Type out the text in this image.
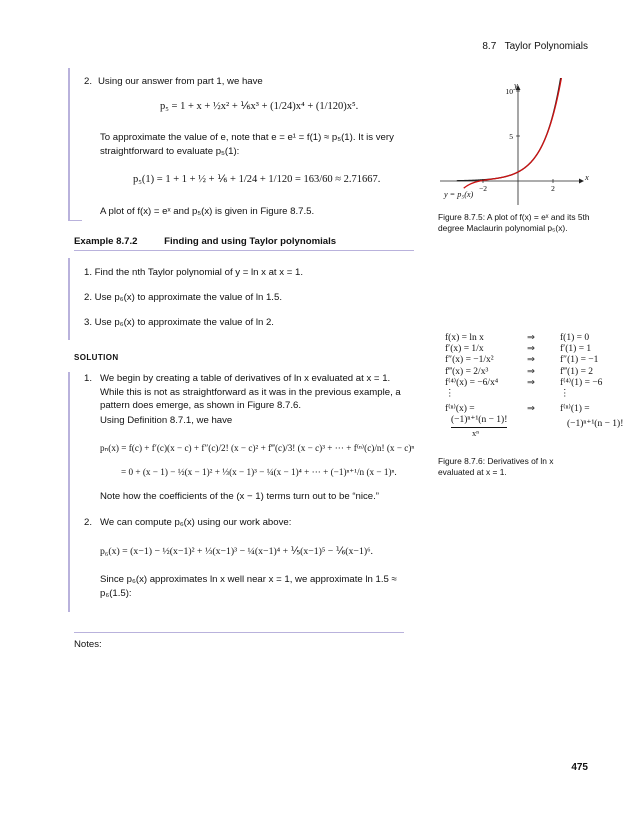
8.7 Taylor Polynomials
2. Using our answer from part 1, we have
p₅ = 1 + x + ½x² + ⅙x³ + (1/24)x⁴ + (1/120)x⁵.
To approximate the value of e, note that e = e¹ = f(1) ≈ p₅(1). It is very straightforward to evaluate p₅(1):
p₅(1) = 1 + 1 + ½ + ⅙ + 1/24 + 1/120 = 163/60 ≈ 2.71667.
A plot of f(x) = eˣ and p₅(x) is given in Figure 8.7.5.
Example 8.7.2	Finding and using Taylor polynomials
1. Find the nth Taylor polynomial of y = ln x at x = 1.
2. Use p₆(x) to approximate the value of ln 1.5.
3. Use p₆(x) to approximate the value of ln 2.
SOLUTION
1. We begin by creating a table of derivatives of ln x evaluated at x = 1. While this is not as straightforward as it was in the previous example, a pattern does emerge, as shown in Figure 8.7.6.
Using Definition 8.7.1, we have
pₙ(x) = f(c) + f′(c)(x − c) + f″(c)/2! (x − c)² + f‴(c)/3! (x − c)³ + ··· + f⁽ⁿ⁾(c)/n! (x − c)ⁿ
= 0 + (x − 1) − ½(x − 1)² + ⅓(x − 1)³ − ¼(x − 1)⁴ + ··· + (−1)ⁿ⁺¹/n (x − 1)ⁿ.
Note how the coefficients of the (x − 1) terms turn out to be “nice.”
2. We can compute p₆(x) using our work above:
p₆(x) = (x−1) − ½(x−1)² + ⅓(x−1)³ − ¼(x−1)⁴ + ⅕(x−1)⁵ − ⅙(x−1)⁶.
Since p₆(x) approximates ln x well near x = 1, we approximate ln 1.5 ≈ p₆(1.5):
Notes:
−2	2
5
10
x
y
y = p₅(x)
Figure 8.7.5: A plot of f(x) = eˣ and its 5th degree Maclaurin polynomial p₅(x).
f(x) = ln x	⇒	f(1) = 0
f′(x) = 1/x	⇒	f′(1) = 1
f″(x) = −1/x²	⇒	f″(1) = −1
f‴(x) = 2/x³	⇒	f‴(1) = 2
f⁽⁴⁾(x) = −6/x⁴	⇒	f⁽⁴⁾(1) = −6
⋮	⋮
f⁽ⁿ⁾(x) =	⇒	f⁽ⁿ⁾(1) =
(−1)ⁿ⁺¹(n − 1)!
xⁿ
(−1)ⁿ⁺¹(n − 1)!
Figure 8.7.6: Derivatives of ln x evaluated at x = 1.
475
